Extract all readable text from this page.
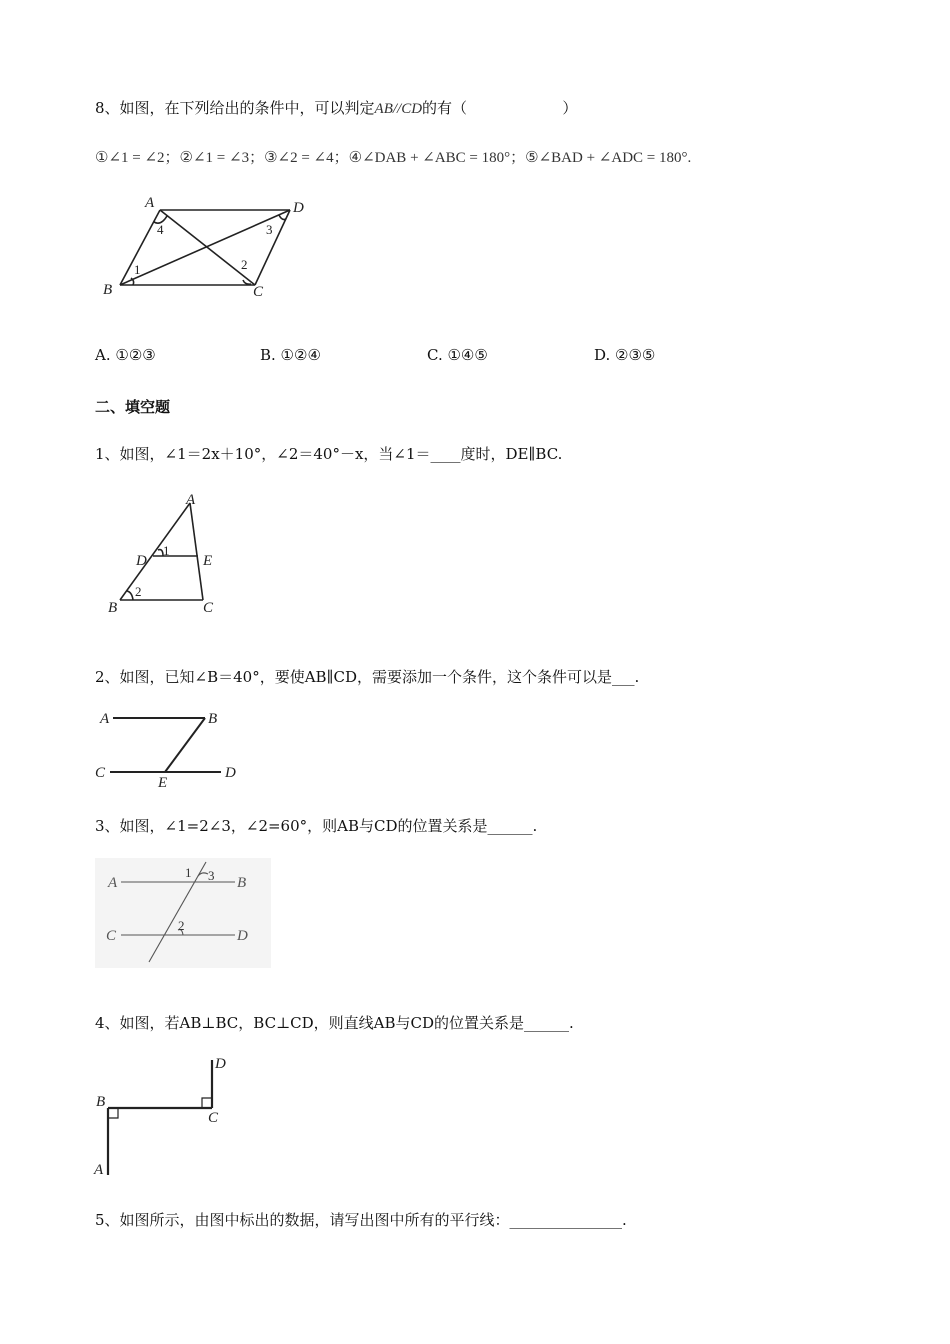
8、如图，在下列给出的条件中，可以判定AB//CD的有（                    ）
①∠1 = ∠2；②∠1 = ∠3；③∠2 = ∠4；④∠DAB + ∠ABC = 180°；⑤∠BAD + ∠ADC = 180°.
A	D
B	C
1	2
3
4
A. ①②③	B. ①②④	C. ①④⑤	D. ②③⑤
二、填空题
1、如图，∠1＝2x＋10°，∠2＝40°－x，当∠1＝____度时，DE∥BC.
A
D	E
B	C
1
2
2、如图，已知∠B＝40°，要使AB∥CD，需要添加一个条件，这个条件可以是___.
A	B
C	D
E
3、如图，∠1=2∠3，∠2=60°，则AB与CD的位置关系是______.
A	B
C	D
1 3
2
4、如图，若AB⊥BC，BC⊥CD，则直线AB与CD的位置关系是______.
B
C
D
A
5、如图所示，由图中标出的数据，请写出图中所有的平行线：_______________.
